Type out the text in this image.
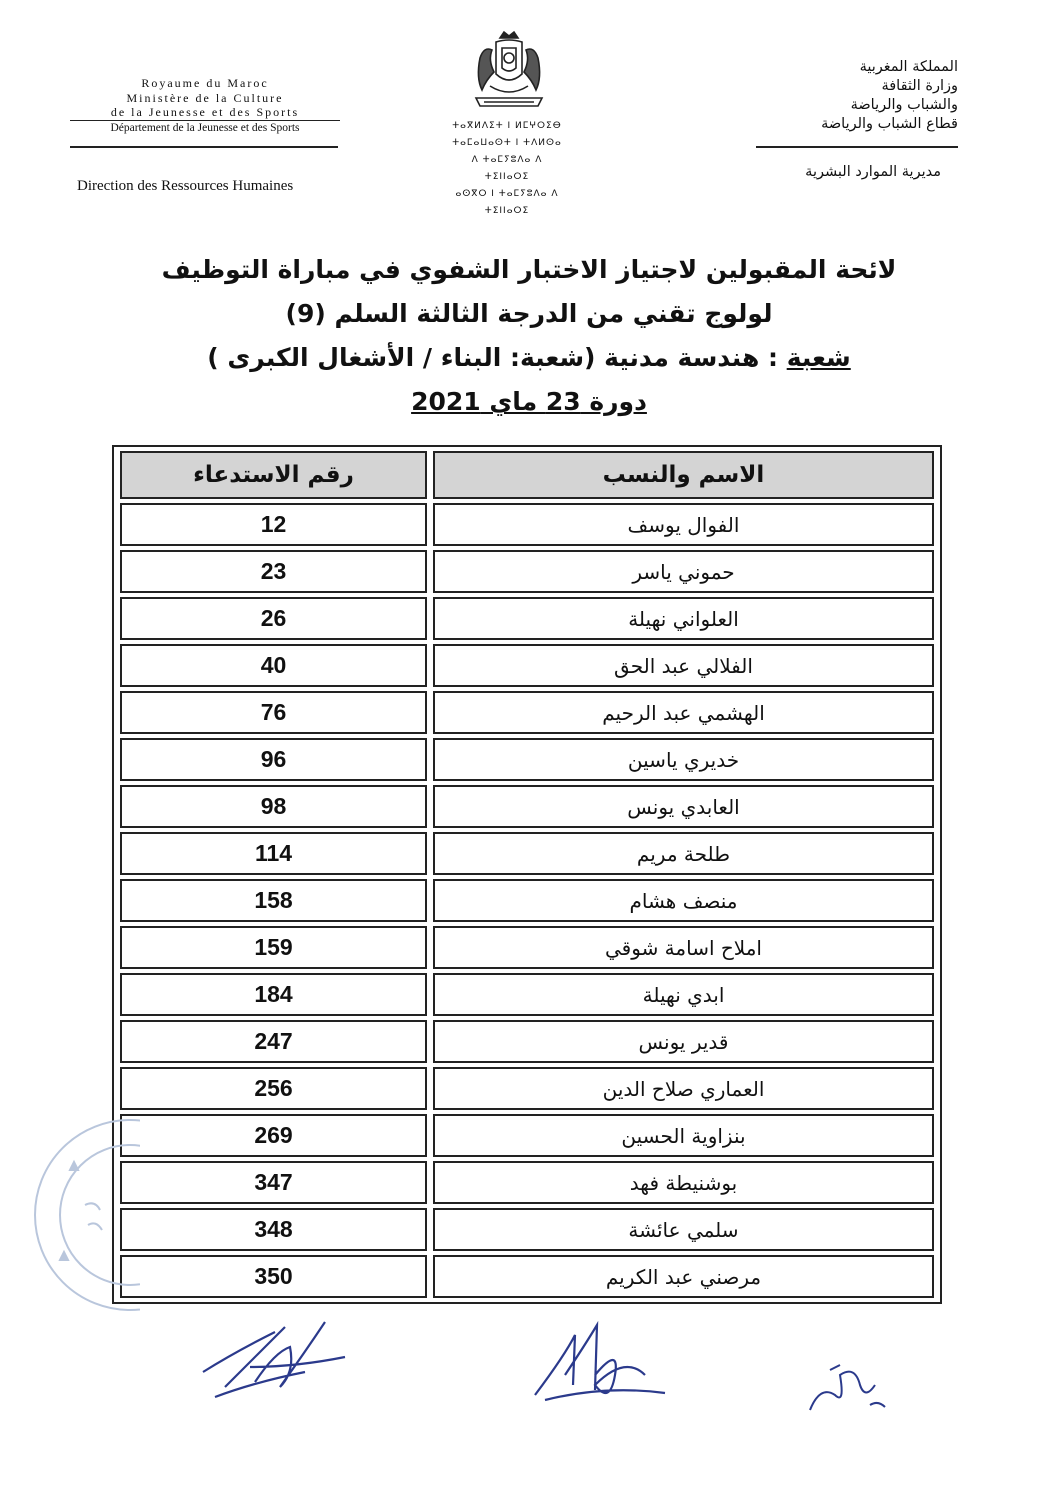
Royaume du Maroc
Ministère de la Culture
de la Jeunesse et des Sports
Département de la Jeunesse et des Sports
Direction des Ressources Humaines
ⵜⴰⴳⵍⴷⵉⵜ ⵏ ⵍⵎⵖⵔⵉⴱ
ⵜⴰⵎⴰⵡⴰⵙⵜ ⵏ ⵜⴷⵍⵙⴰ
ⴷ ⵜⴰⵎⵢⵓⴷⴰ ⴷ ⵜⵉⵏⵏⴰⵔⵉ
ⴰⵙⴳⵔ ⵏ ⵜⴰⵎⵢⵓⴷⴰ ⴷ ⵜⵉⵏⵏⴰⵔⵉ
المملكة المغربية
وزارة الثقافة
والشباب والرياضة
قطاع الشباب والرياضة
مديرية الموارد البشرية
لائحة المقبولين لاجتياز الاختبار الشفوي في مباراة التوظيف
لولوج تقني من الدرجة الثالثة السلم (9)
شعبة : هندسة مدنية (شعبة: البناء / الأشغال الكبرى )
دورة 23 ماي 2021
الاسم والنسب	رقم الاستدعاء
الفوال يوسف	12
حموني ياسر	23
العلواني نهيلة	26
الفلالي عبد الحق	40
الهشمي عبد الرحيم	76
خديري ياسين	96
العابدي يونس	98
طلحة مريم	114
منصف هشام	158
املاح اسامة شوقي	159
ابدي نهيلة	184
قدير يونس	247
العماري صلاح الدين	256
بنزاوية الحسين	269
بوشنيطة فهد	347
سلمي عائشة	348
مرصني عبد الكريم	350
